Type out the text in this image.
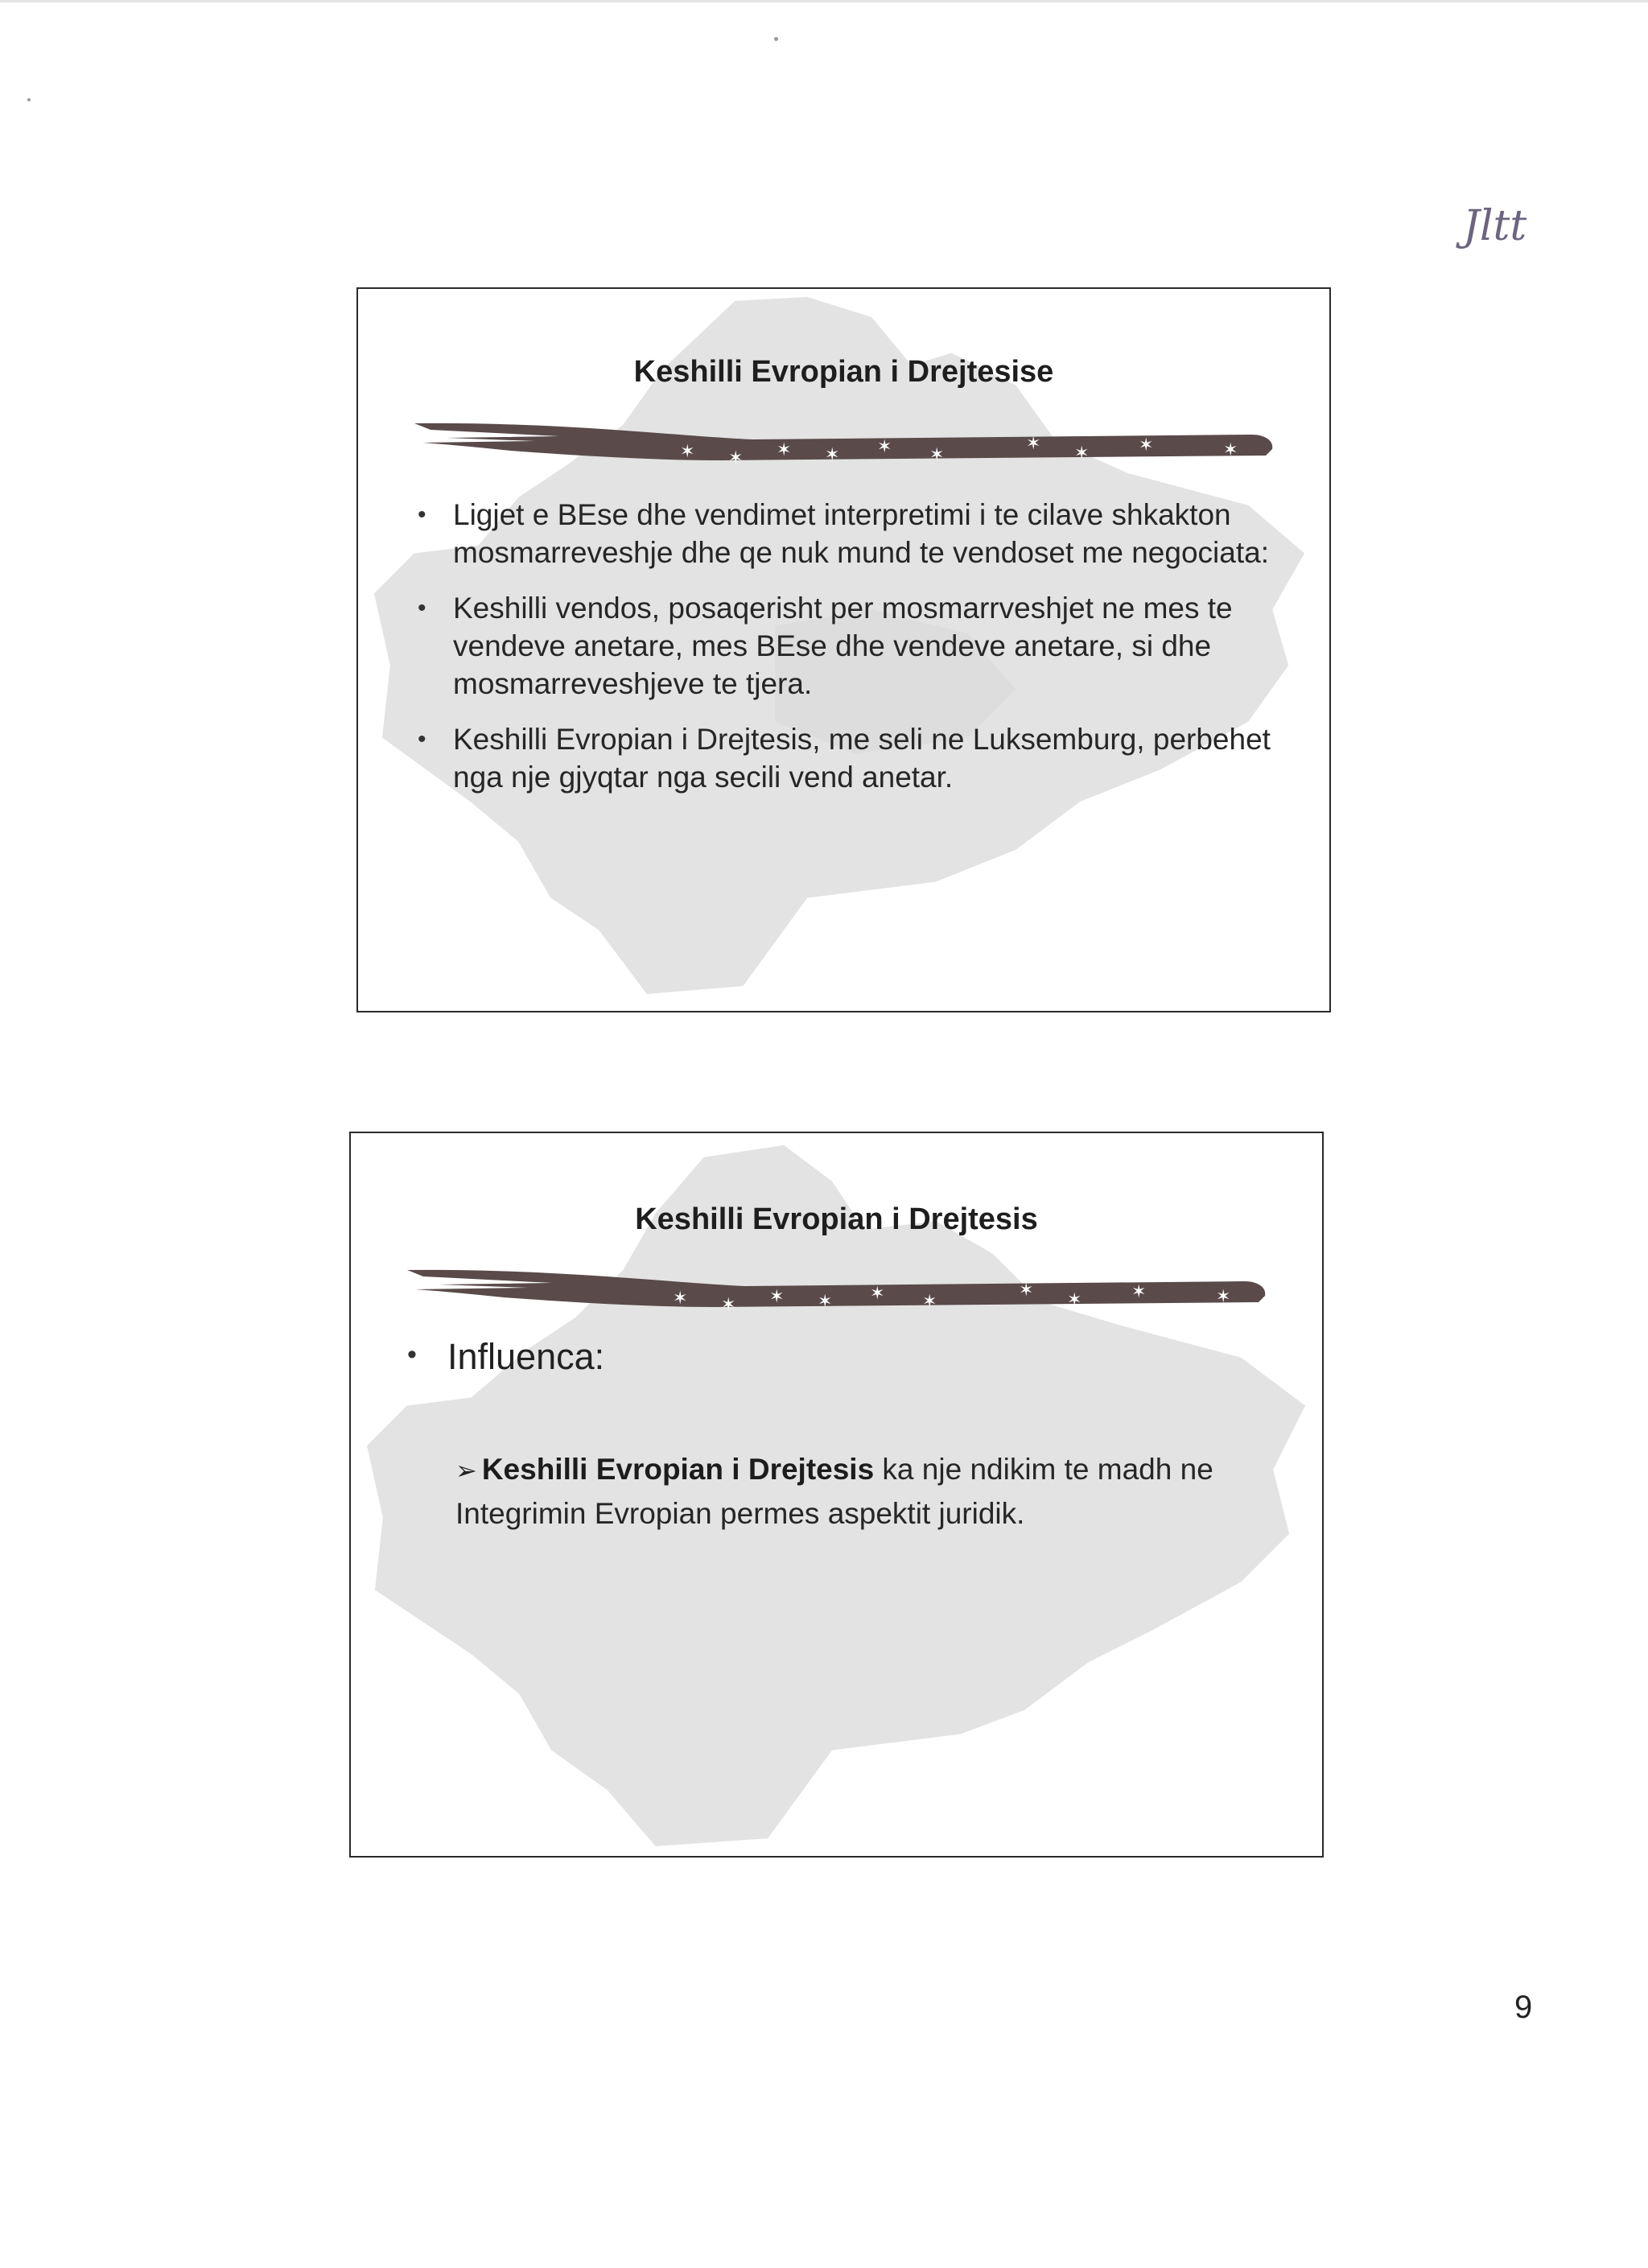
Jltt
Keshilli Evropian i Drejtesise
✶ ✶ ✶ ✶ ✶ ✶
✶ ✶	✶	✶
• Ligjet e BEse dhe vendimet interpretimi i te cilave shkakton mosmarreveshje dhe qe nuk mund te vendoset me negociata:
• Keshilli vendos, posaqerisht per mosmarrveshjet ne mes te vendeve anetare, mes BEse dhe vendeve anetare, si dhe mosmarreveshjeve te tjera.
• Keshilli Evropian i Drejtesis, me seli ne Luksemburg, perbehet nga nje gjyqtar nga secili vend anetar.
Keshilli Evropian i Drejtesis
✶ ✶ ✶ ✶ ✶ ✶
✶ ✶	✶	✶
• Influenca:
➢ Keshilli Evropian i Drejtesis ka nje ndikim te madh ne Integrimin Evropian permes aspektit juridik.
9
